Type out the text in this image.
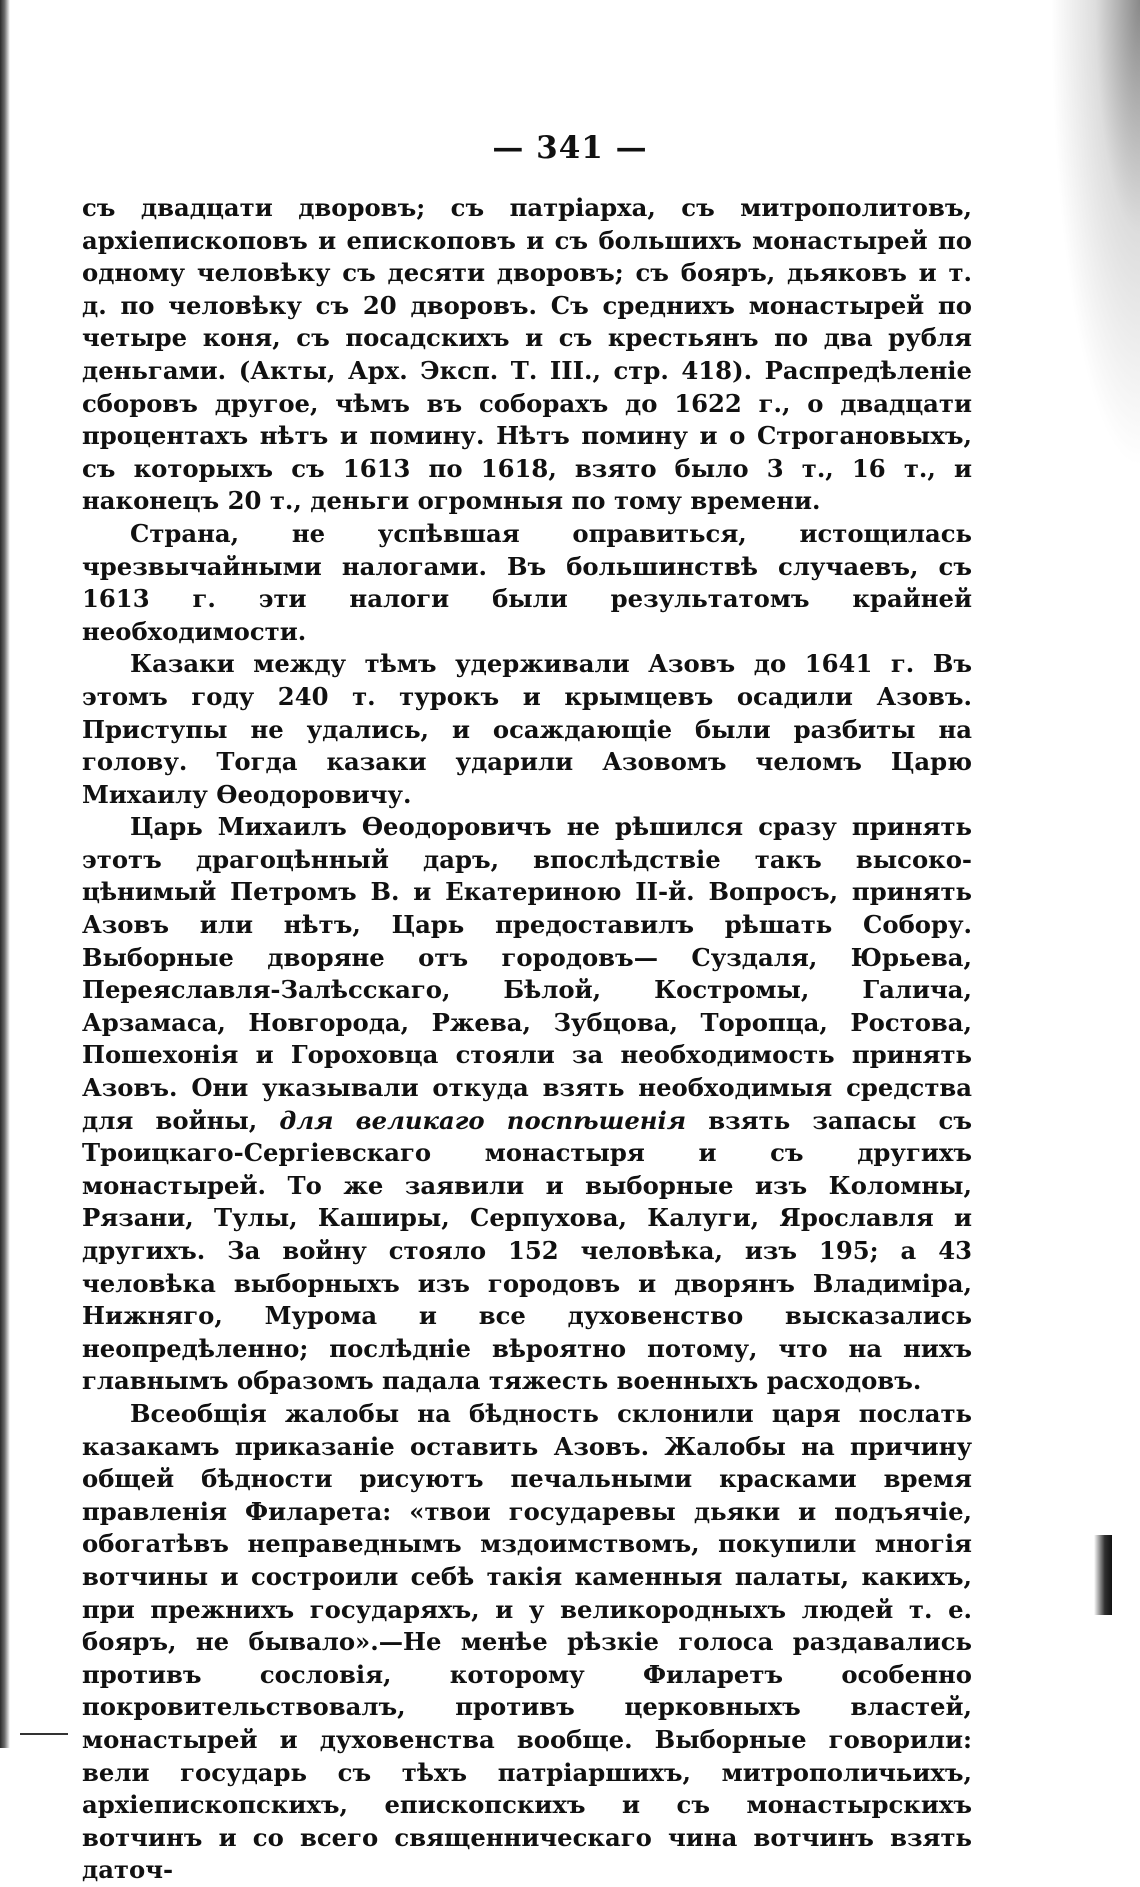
— 341 —

съ двадцати дворовъ; съ патріарха, съ митрополитовъ, архіепископовъ и епископовъ и съ большихъ монастырей по одному человѣку съ десяти дворовъ; съ бояръ, дьяковъ и т. д. по человѣку съ 20 дворовъ. Съ среднихъ монастырей по четыре коня, съ посадскихъ и съ крестьянъ по два рубля деньгами. (Акты, Арх. Эксп. Т. III., стр. 418). Распредѣленіе сборовъ другое, чѣмъ въ соборахъ до 1622 г., о двадцати процентахъ нѣтъ и помину. Нѣтъ помину и о Строгановыхъ, съ которыхъ съ 1613 по 1618, взято было 3 т., 16 т., и наконецъ 20 т., деньги огромныя по тому времени.

Страна, не успѣвшая оправиться, истощилась чрезвычайными налогами. Въ большинствѣ случаевъ, съ 1613 г. эти налоги были результатомъ крайней необходимости.

Казаки между тѣмъ удерживали Азовъ до 1641 г. Въ этомъ году 240 т. турокъ и крымцевъ осадили Азовъ. Приступы не удались, и осаждающіе были разбиты на голову. Тогда казаки ударили Азовомъ челомъ Царю Михаилу Ѳеодоровичу.

Царь Михаилъ Ѳеодоровичъ не рѣшился сразу принять этотъ драгоцѣнный даръ, впослѣдствіе такъ высоко-цѣнимый Петромъ В. и Екатериною II-й. Вопросъ, принять Азовъ или нѣтъ, Царь предоставилъ рѣшать Собору. Выборные дворяне отъ городовъ— Суздаля, Юрьева, Переяславля-Залѣсскаго, Бѣлой, Костромы, Галича, Арзамаса, Новгорода, Ржева, Зубцова, Торопца, Ростова, Пошехонія и Гороховца стояли за необходимость принять Азовъ. Они указывали откуда взять необходимыя средства для войны, для великаго поспѣшенія взять запасы съ Троицкаго-Сергіевскаго монастыря и съ другихъ монастырей. То же заявили и выборные изъ Коломны, Рязани, Тулы, Каширы, Серпухова, Калуги, Ярославля и другихъ. За войну стояло 152 человѣка, изъ 195; а 43 человѣка выборныхъ изъ городовъ и дворянъ Владиміра, Нижняго, Мурома и все духовенство высказались неопредѣленно; послѣдніе вѣроятно потому, что на нихъ главнымъ образомъ падала тяжесть военныхъ расходовъ.

Всеобщія жалобы на бѣдность склонили царя послать казакамъ приказаніе оставить Азовъ. Жалобы на причину общей бѣдности рисуютъ печальными красками время правленія Филарета: «твои государевы дьяки и подъячіе, обогатѣвъ неправеднымъ мздоимствомъ, покупили многія вотчины и состроили себѣ такія каменныя палаты, какихъ, при прежнихъ государяхъ, и у великородныхъ людей т. е. бояръ, не бывало».—Не менѣе рѣзкіе голоса раздавались противъ сословія, которому Филаретъ особенно покровительствовалъ, противъ церковныхъ властей, монастырей и духовенства вообще. Выборные говорили: вели государь съ тѣхъ патріаршихъ, митрополичьихъ, архіепископскихъ, епископскихъ и съ монастырскихъ вотчинъ и со всего священническаго чина вотчинъ взять даточ-
